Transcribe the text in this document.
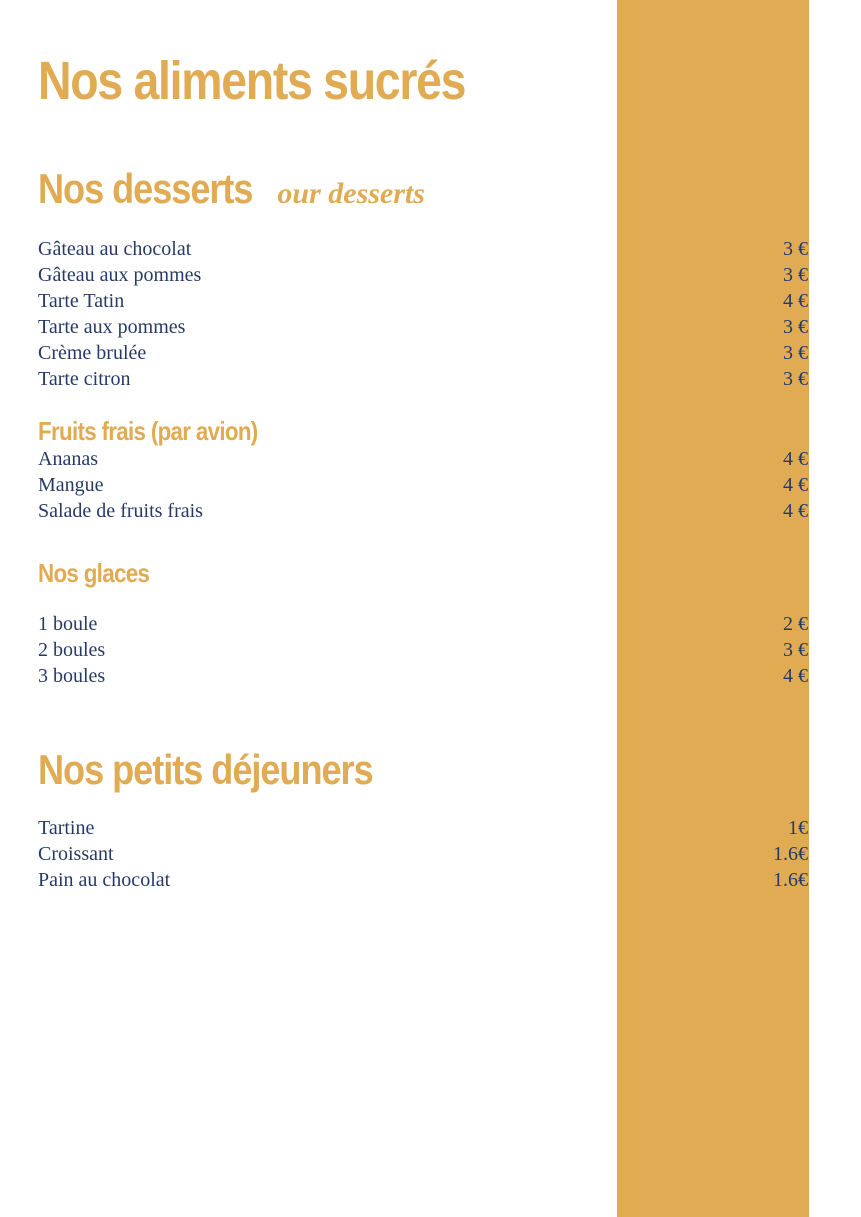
Nos aliments sucrés
Nos desserts our desserts
Gâteau au chocolat	3 €
Gâteau aux pommes	3 €
Tarte Tatin	4 €
Tarte aux pommes	3 €
Crème brulée	3 €
Tarte citron	3 €
Fruits frais (par avion)
Ananas	4 €
Mangue	4 €
Salade de fruits frais	4 €
Nos glaces
1 boule	2 €
2 boules	3 €
3 boules	4 €
Nos petits déjeuners
Tartine	1€
Croissant	1.6€
Pain au chocolat	1.6€
